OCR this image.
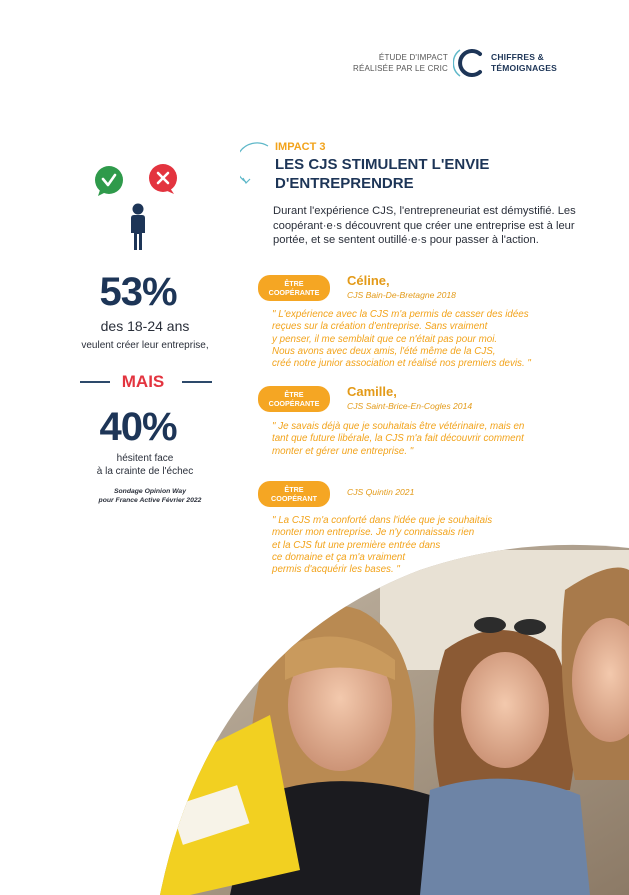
ÉTUDE D'IMPACT
RÉALISÉE PAR LE CRIC
CHIFFRES &
TÉMOIGNAGES
53%
des 18-24 ans
veulent créer leur entreprise,
MAIS
40%
hésitent face
à la crainte de l'échec
Sondage Opinion Way
pour France Active Février 2022
IMPACT 3
LES CJS STIMULENT L'ENVIE
D'ENTREPRENDRE
Durant l'expérience CJS, l'entrepreneuriat est démystifié. Les coopérant·e·s découvrent que créer une entreprise est à leur portée, et se sentent outillé·e·s pour passer à l'action.
ÊTRE
COOPÉRANTE
Céline,
CJS Bain-De-Bretagne 2018
" L'expérience avec la CJS m'a permis de casser des idées
reçues sur la création d'entreprise. Sans vraiment
y penser, il me semblait que ce n'était pas pour moi.
Nous avons avec deux amis, l'été même de la CJS,
créé notre junior association et réalisé nos premiers devis. "
ÊTRE
COOPÉRANTE
Camille,
CJS Saint-Brice-En-Cogles 2014
" Je savais déjà que je souhaitais être vétérinaire, mais en
tant que future libérale, la CJS m'a fait découvrir comment
monter et gérer une entreprise. "
ÊTRE
COOPÉRANT
CJS Quintin 2021
" La CJS m'a conforté dans l'idée que je souhaitais
monter mon entreprise. Je n'y connaissais rien
et la CJS fut une première entrée dans
ce domaine et ça m'a vraiment
permis d'acquérir les bases. "
